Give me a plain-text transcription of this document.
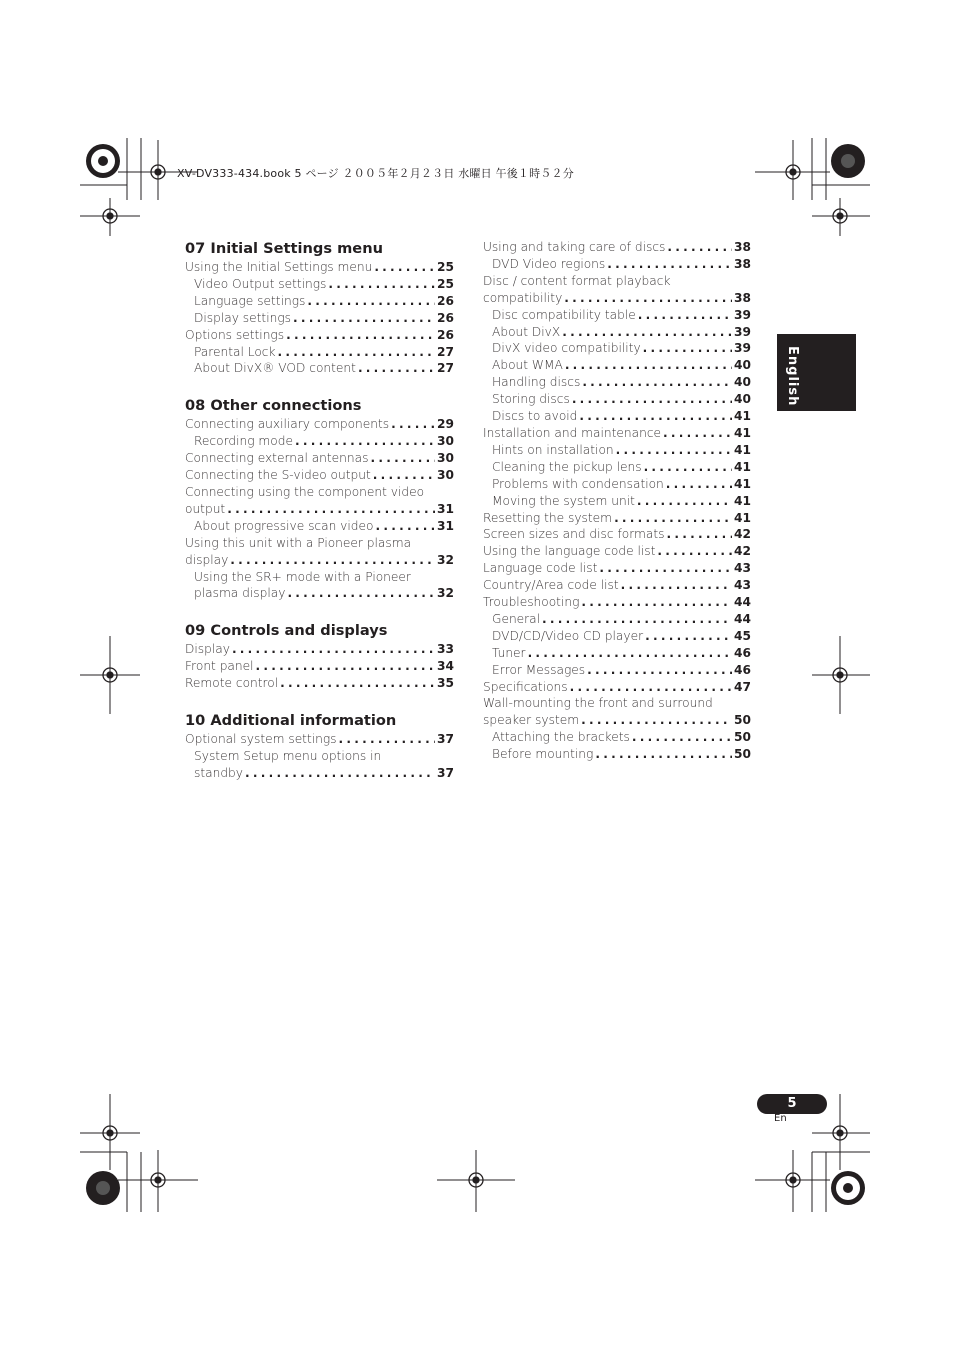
XV-DV333-434.book 5 ページ ２００５年２月２３日 水曜日 午後１時５２分
07 Initial Settings menu
Using the Initial Settings menu . . .	25
Video Output settings . . .	25
Language settings . . .	26
Display settings . . .	26
Options settings . . .	26
Parental Lock . . .	27
About DivX® VOD content . . .	27
08 Other connections
Connecting auxiliary components . . .	29
Recording mode . . .	30
Connecting external antennas . . .	30
Connecting the S-video output . . .	30
Connecting using the component video
output . . .	31
About progressive scan video . . .	31
Using this unit with a Pioneer plasma
display . . .	32
Using the SR+ mode with a Pioneer
plasma display . . .	32
09 Controls and displays
Display . . .	33
Front panel . . .	34
Remote control . . .	35
10 Additional information
Optional system settings . . .	37
System Setup menu options in
standby . . .	37
Using and taking care of discs . . .	38
DVD Video regions . . .	38
Disc / content format playback
compatibility . . .	38
Disc compatibility table . . .	39
About DivX . . .	39
DivX video compatibility . . .	39
About WMA . . .	40
Handling discs . . .	40
Storing discs . . .	40
Discs to avoid . . .	41
Installation and maintenance . . .	41
Hints on installation . . .	41
Cleaning the pickup lens . . .	41
Problems with condensation . . .	41
Moving the system unit . . .	41
Resetting the system . . .	41
Screen sizes and disc formats . . .	42
Using the language code list . . .	42
Language code list . . .	43
Country/Area code list . . .	43
Troubleshooting . . .	44
General . . .	44
DVD/CD/Video CD player . . .	45
Tuner . . .	46
Error Messages . . .	46
Specifications . . .	47
Wall-mounting the front and surround
speaker system . . .	50
Attaching the brackets . . .	50
Before mounting . . .	50
English
5
En
